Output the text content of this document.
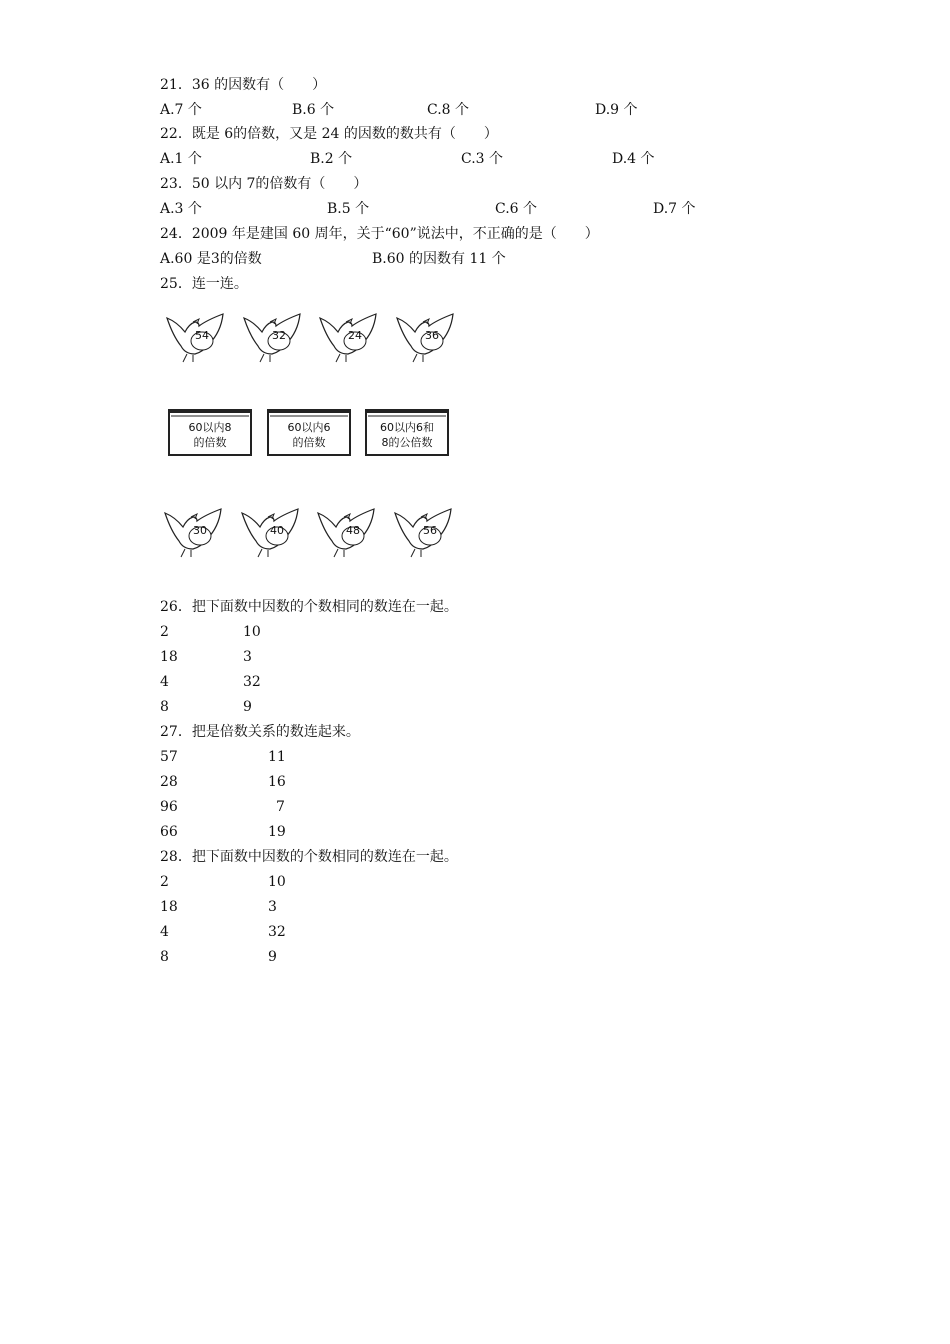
21．36 的因数有（　　）
A.7 个	B.6 个	C.8 个	D.9 个
22．既是 6的倍数，又是 24 的因数的数共有（　　）
A.1 个	B.2 个	C.3 个	D.4 个
23．50 以内 7的倍数有（　　）
A.3 个	B.5 个	C.6 个	D.7 个
24．2009 年是建国 60 周年，关于“60”说法中，不正确的是（　　）
A.60 是3的倍数	B.60 的因数有 11 个
25．连一连。
54	32	24	36
60以内8
的倍数
60以内6
的倍数
60以内6和
8的公倍数
30	40	48	56
26．把下面数中因数的个数相同的数连在一起。
2	10
18	3
4	32
8	9
27．把是倍数关系的数连起来。
57	11
28	16
96	7
66	19
28．把下面数中因数的个数相同的数连在一起。
2	10
18	3
4	32
8	9
